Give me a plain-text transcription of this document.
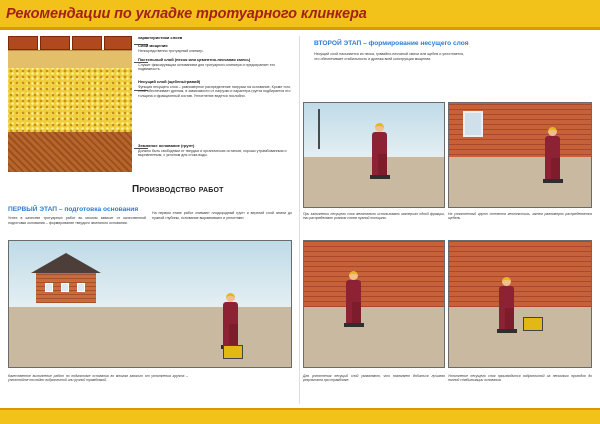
Рекомендации по укладке тротуарного клинкера
характеристики слоев
Слой мощения
Непосредственно тротуарный клинкер.
Постельный слой (песок или цементно-песчаная смесь)
Служит фиксирующим основанием для тротуарного клинкера и предохраняет его подвижность.
Несущий слой (щебень/гравий)
Функция несущего слоя – равномерное распределение нагрузки на основание. Кроме того, слой обеспечивает дренаж, в зависимости от нагрузки и характера грунта подбирается его толщина и фракционный состав. Уплотнение ведется послойно.
Земляное основание (грунт)
Должно быть свободным от твердых и органических остатков, хорошо утрамбованным и выровненным, с уклоном для стока воды.
Производство работ
ПЕРВЫЙ ЭТАП – подготовка основания
Успех в качестве тротуарных работ во многом зависит от качественной подготовки основания – формирование твердого земляного основания.
На первом этапе работ снимают плодородный грунт и верхний слой земли до нужной глубины, основание выравнивают и уплотняют.
Качественное выполнение работ по подготовке основания во многом зависит от уплотнения грунта – уплотняйте послойно виброплитой или ручной трамбовкой.
ВТОРОЙ ЭТАП – формирование несущего слоя
Несущий слой насыпается из песка, гравийно-песчаной смеси или щебня и уплотняется, что обеспечивает стабильность и дренаж всей конструкции мощения.
При заполнении несущего слоя желательно использовать материал одной фракции, его распределяют ровным слоем нужной толщины.
На уплотненный грунт стелется геотекстиль, затем равномерно распределяется щебень.
Для уплотнения несущий слой увлажняют, что позволяет добиться лучшего результата при трамбовке.
Уплотнение несущего слоя производится виброплитой за несколько проходов до полной стабилизации основания.
